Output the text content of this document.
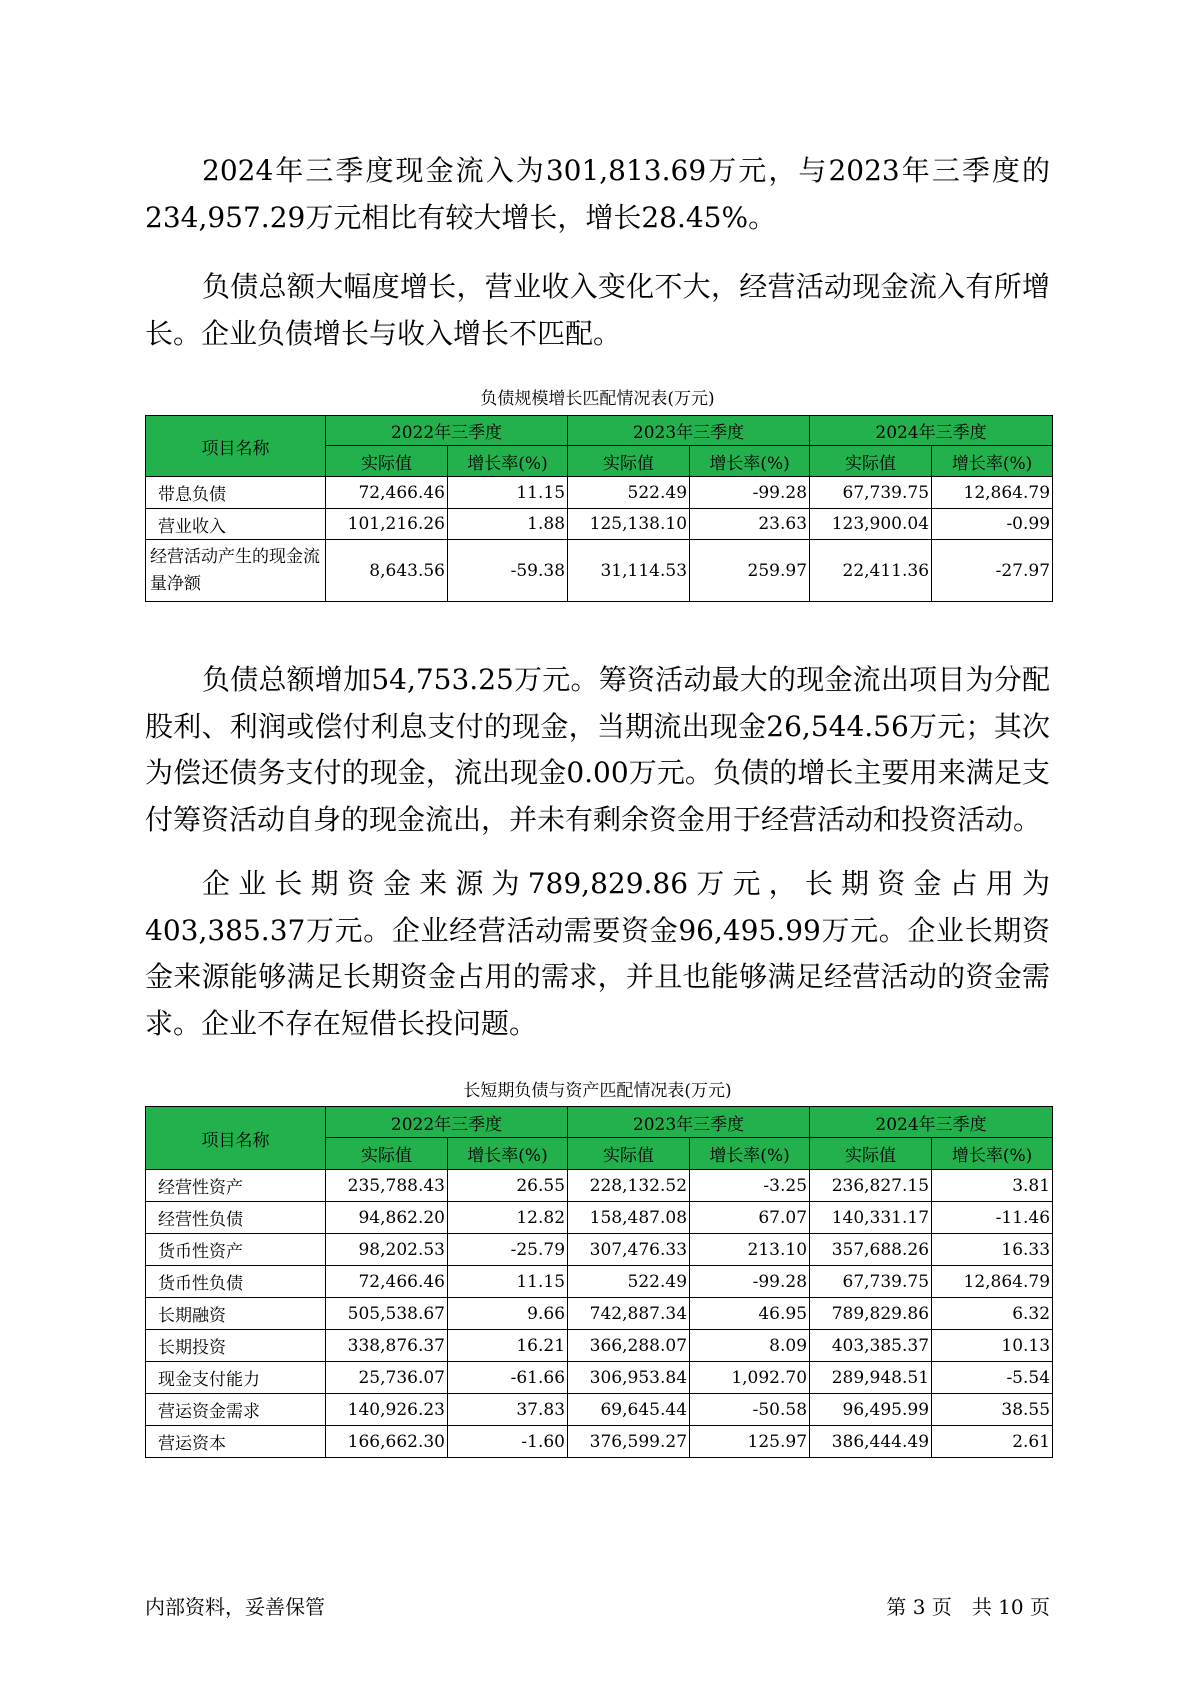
2024年三季度现金流入为301,813.69万元，与2023年三季度的234,957.29万元相比有较大增长，增长28.45%。

负债总额大幅度增长，营业收入变化不大，经营活动现金流入有所增长。企业负债增长与收入增长不匹配。

负债规模增长匹配情况表(万元)
项目名称	2022年三季度		2023年三季度		2024年三季度	
	实际值	增长率(%)	实际值	增长率(%)	实际值	增长率(%)
带息负债	72,466.46	11.15	522.49	-99.28	67,739.75	12,864.79
营业收入	101,216.26	1.88	125,138.10	23.63	123,900.04	-0.99
经营活动产生的现金流量净额	8,643.56	-59.38	31,114.53	259.97	22,411.36	-27.97

负债总额增加54,753.25万元。筹资活动最大的现金流出项目为分配股利、利润或偿付利息支付的现金，当期流出现金26,544.56万元；其次为偿还债务支付的现金，流出现金0.00万元。负债的增长主要用来满足支付筹资活动自身的现金流出，并未有剩余资金用于经营活动和投资活动。

企业长期资金来源为789,829.86万元，长期资金占用为403,385.37万元。企业经营活动需要资金96,495.99万元。企业长期资金来源能够满足长期资金占用的需求，并且也能够满足经营活动的资金需求。企业不存在短借长投问题。

长短期负债与资产匹配情况表(万元)
项目名称	2022年三季度		2023年三季度		2024年三季度	
	实际值	增长率(%)	实际值	增长率(%)	实际值	增长率(%)
经营性资产	235,788.43	26.55	228,132.52	-3.25	236,827.15	3.81
经营性负债	94,862.20	12.82	158,487.08	67.07	140,331.17	-11.46
货币性资产	98,202.53	-25.79	307,476.33	213.10	357,688.26	16.33
货币性负债	72,466.46	11.15	522.49	-99.28	67,739.75	12,864.79
长期融资	505,538.67	9.66	742,887.34	46.95	789,829.86	6.32
长期投资	338,876.37	16.21	366,288.07	8.09	403,385.37	10.13
现金支付能力	25,736.07	-61.66	306,953.84	1,092.70	289,948.51	-5.54
营运资金需求	140,926.23	37.83	69,645.44	-50.58	96,495.99	38.55
营运资本	166,662.30	-1.60	376,599.27	125.97	386,444.49	2.61
内部资料，妥善保管	第 3 页　共 10 页
